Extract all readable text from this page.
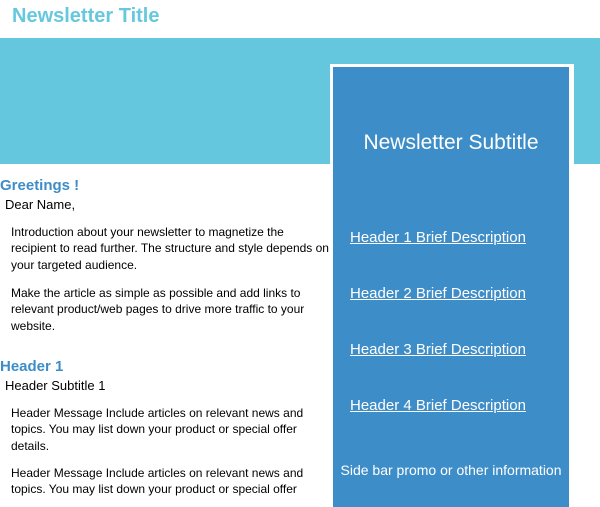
Newsletter Title
Newsletter Subtitle
Header 1 Brief Description
Header 2 Brief Description
Header 3 Brief Description
Header 4 Brief Description
Side bar promo or other information
Greetings !
Dear Name,

Introduction about your newsletter to magnetize the recipient to read further. The structure and style depends on your targeted audience.

Make the article as simple as possible and add links to relevant product/web pages to drive more traffic to your website.

Header 1
Header Subtitle 1

Header Message Include articles on relevant news and topics. You may list down your product or special offer details.

Header Message Include articles on relevant news and topics. You may list down your product or special offer
